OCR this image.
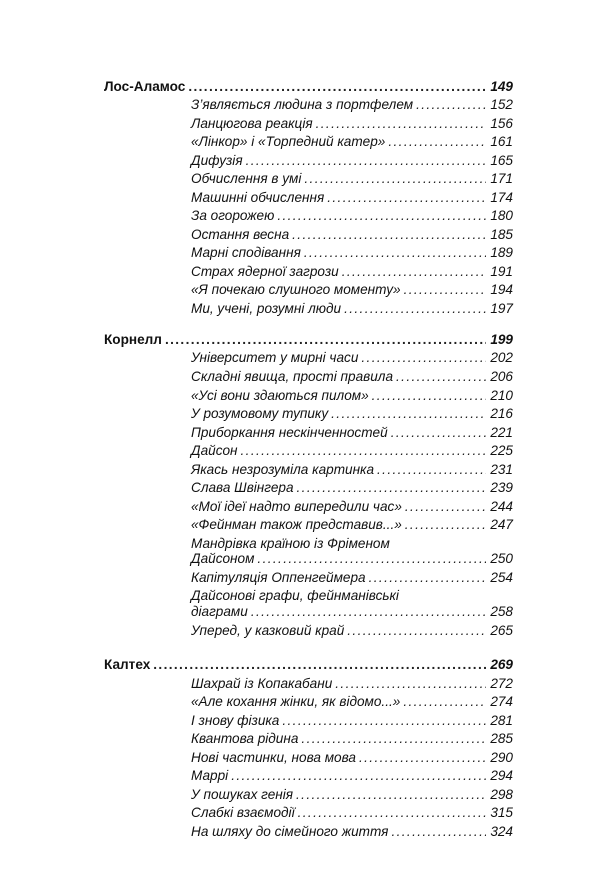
Лос-Аламос . . .	149
З’являється людина з портфелем . . .	152
Ланцюгова реакція . . .	156
«Лінкор» і «Торпедний катер» . . .	161
Дифузія . . .	165
Обчислення в умі . . .	171
Машинні обчислення . . .	174
За огорожею . . .	180
Остання весна . . .	185
Марні сподівання . . .	189
Страх ядерної загрози . . .	191
«Я почекаю слушного моменту» . . .	194
Ми, учені, розумні люди . . .	197
Корнелл . . .	199
Університет у мирні часи . . .	202
Складні явища, прості правила . . .	206
«Усі вони здаються пилом» . . .	210
У розумовому тупику . . .	216
Приборкання нескінченностей . . .	221
Дайсон . . .	225
Якась незрозуміла картинка . . .	231
Слава Швінгера . . .	239
«Мої ідеї надто випередили час» . . .	244
«Фейнман також представив...» . . .	247
Мандрівка країною із Фріменом
Дайсоном . . .	250
Капітуляція Оппенгеймера . . .	254
Дайсонові графи, фейнманівські
діаграми . . .	258
Уперед, у казковий край . . .	265
Калтех . . .	269
Шахрай із Копакабани . . .	272
«Але кохання жінки, як відомо...» . . .	274
І знову фізика . . .	281
Квантова рідина . . .	285
Нові частинки, нова мова . . .	290
Маррі . . .	294
У пошуках генія . . .	298
Слабкі взаємодії . . .	315
На шляху до сімейного життя . . .	324
